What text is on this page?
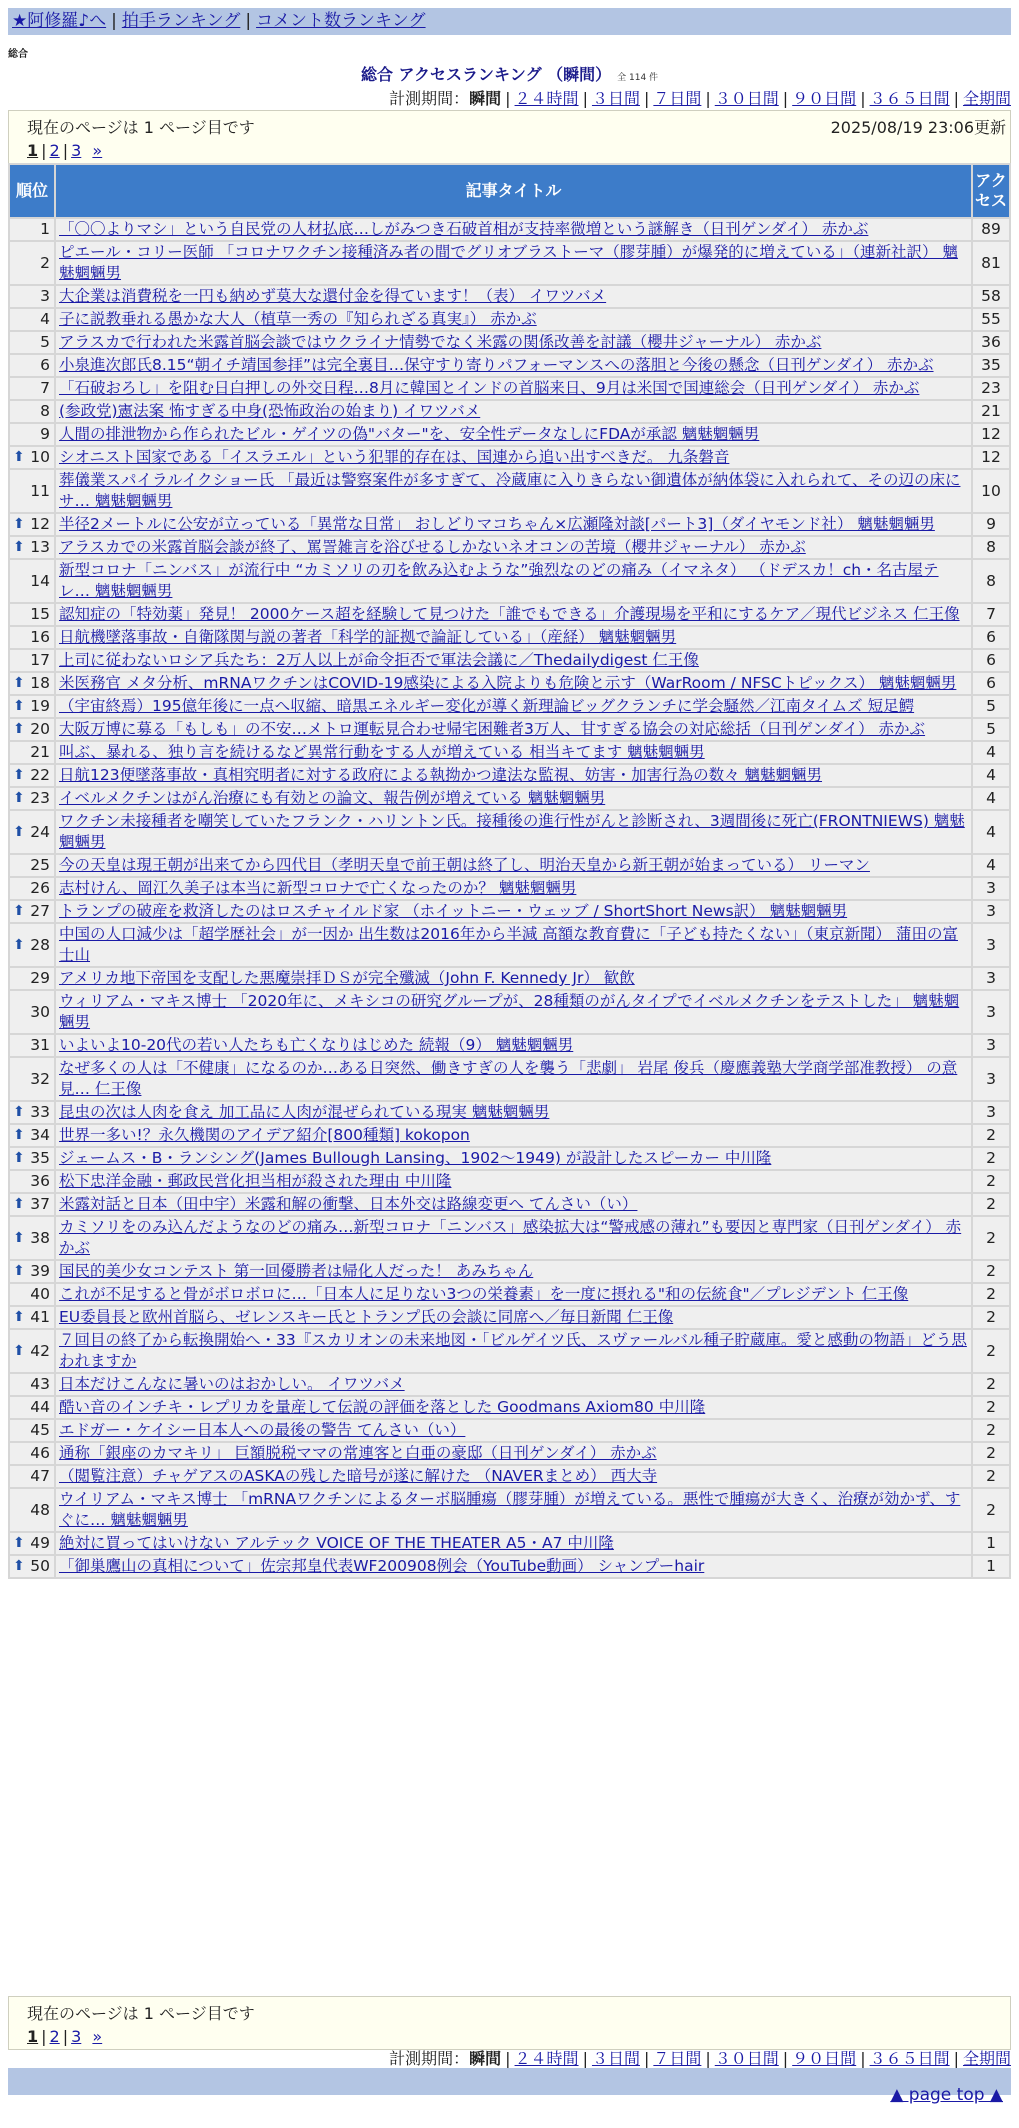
★阿修羅♪へ | 拍手ランキング | コメント数ランキング
総合
総合 アクセスランキング （瞬間） 全 114 件
計測期間：瞬間 | ２４時間 | ３日間 | ７日間 | ３０日間 | ９０日間 | ３６５日間 | 全期間
現在のページは 1 ページ目です	2025/08/19 23:06更新
1 | 2 | 3 »
順位	記事タイトル	アクセス
1	「〇〇よりマシ」という自民党の人材払底…しがみつき石破首相が支持率微増という謎解き（日刊ゲンダイ） 赤かぶ	89
2	ピエール・コリー医師 「コロナワクチン接種済み者の間でグリオブラストーマ（膠芽腫）が爆発的に増えている」（連新社訳） 魑魅魍魎男	81
3	大企業は消費税を一円も納めず莫大な還付金を得ています！（表） イワツバメ	58
4	子に説教垂れる愚かな大人（植草一秀の『知られざる真実』） 赤かぶ	55
5	アラスカで行われた米露首脳会談ではウクライナ情勢でなく米露の関係改善を討議（櫻井ジャーナル） 赤かぶ	36
6	小泉進次郎氏8.15“朝イチ靖国参拝”は完全裏目…保守すり寄りパフォーマンスへの落胆と今後の懸念（日刊ゲンダイ） 赤かぶ	35
7	「石破おろし」を阻む日白押しの外交日程…8月に韓国とインドの首脳来日、9月は米国で国連総会（日刊ゲンダイ） 赤かぶ	23
8	(参政党)憲法案 怖すぎる中身(恐怖政治の始まり) イワツバメ	21
9	人間の排泄物から作られたビル・ゲイツの偽"バター"を、安全性データなしにFDAが承認 魑魅魍魎男	12

⬆ 10	シオニスト国家である「イスラエル」という犯罪的存在は、国連から追い出すべきだ。 九条磐音	12
11	葬儀業スパイラルイクショー氏 「最近は警察案件が多すぎて、冷蔵庫に入りきらない御遺体が納体袋に入れられて、その辺の床にサ… 魑魅魍魎男	10

⬆ 12	半径2メートルに公安が立っている「異常な日常」 おしどりマコちゃん×広瀬隆対談[パート3]（ダイヤモンド社） 魑魅魍魎男	9

⬆ 13	アラスカでの米露首脳会談が終了、罵詈雑言を浴びせるしかないネオコンの苦境（櫻井ジャーナル） 赤かぶ	8
14	新型コロナ「ニンバス」が流行中 “カミソリの刃を飲み込むような”強烈なのどの痛み（イマネタ） （ドデスカ！ch・名古屋テレ… 魑魅魍魎男	8
15	認知症の「特効薬」発見！ 2000ケース超を経験して見つけた「誰でもできる」介護現場を平和にするケア／現代ビジネス 仁王像	7
16	日航機墜落事故・自衛隊関与説の著者「科学的証拠で論証している」（産経） 魑魅魍魎男	6
17	上司に従わないロシア兵たち：2万人以上が命令拒否で軍法会議に／Thedailydigest 仁王像	6

⬆ 18	米医務官 メタ分析、mRNAワクチンはCOVID-19感染による入院よりも危険と示す（WarRoom / NFSCトピックス） 魑魅魍魎男	6

⬆ 19	（宇宙終焉）195億年後に一点へ収縮、暗黒エネルギー変化が導く新理論ビッグクランチに学会騒然／江南タイムズ 短足鰐	5

⬆ 20	大阪万博に募る「もしも」の不安…メトロ運転見合わせ帰宅困難者3万人、甘すぎる協会の対応総括（日刊ゲンダイ） 赤かぶ	5
21	叫ぶ、暴れる、独り言を続けるなど異常行動をする人が増えている 相当キてます 魑魅魍魎男	4

⬆ 22	日航123便墜落事故・真相究明者に対する政府による執拗かつ違法な監視、妨害・加害行為の数々 魑魅魍魎男	4

⬆ 23	イベルメクチンはがん治療にも有効との論文、報告例が増えている 魑魅魍魎男	4

⬆ 24	ワクチン未接種者を嘲笑していたフランク・ハリントン氏。接種後の進行性がんと診断され、3週間後に死亡(FRONTNIEWS) 魑魅魍魎男	4
25	今の天皇は現王朝が出来てから四代目（孝明天皇で前王朝は終了し、明治天皇から新王朝が始まっている） リーマン	4
26	志村けん、岡江久美子は本当に新型コロナで亡くなったのか？ 魑魅魍魎男	3

⬆ 27	トランプの破産を救済したのはロスチャイルド家 （ホイットニー・ウェッブ / ShortShort News訳） 魑魅魍魎男	3

⬆ 28	中国の人口減少は「超学歴社会」が一因か 出生数は2016年から半減 高額な教育費に「子ども持たくない」（東京新聞） 蒲田の富士山	3
29	アメリカ地下帝国を支配した悪魔崇拝ＤＳが完全殲滅（John F. Kennedy Jr） 歓飲	3
30	ウィリアム・マキス博士 「2020年に、メキシコの研究グループが、28種類のがんタイプでイベルメクチンをテストした」 魑魅魍魎男	3
31	いよいよ10-20代の若い人たちも亡くなりはじめた 続報（9） 魑魅魍魎男	3
32	なぜ多くの人は「不健康」になるのか…ある日突然、働きすぎの人を襲う「悲劇」 岩尾 俊兵（慶應義塾大学商学部准教授） の意見… 仁王像	3

⬆ 33	昆虫の次は人肉を食え 加工品に人肉が混ぜられている現実 魑魅魍魎男	3

⬆ 34	世界一多い!？永久機関のアイデア紹介[800種類] kokopon	2

⬆ 35	ジェームス・B・ランシング(James Bullough Lansing、1902～1949) が設計したスピーカー 中川隆	2
36	松下忠洋金融・郵政民営化担当相が殺された理由 中川隆	2

⬆ 37	米露対話と日本（田中宇）米露和解の衝撃、日本外交は路線変更へ てんさい（い）	2

⬆ 38	カミソリをのみ込んだようなのどの痛み…新型コロナ「ニンバス」感染拡大は“警戒感の薄れ”も要因と専門家（日刊ゲンダイ） 赤かぶ	2

⬆ 39	国民的美少女コンテスト 第一回優勝者は帰化人だった！ あみちゃん	2
40	これが不足すると骨がボロボロに…「日本人に足りない3つの栄養素」を一度に摂れる"和の伝統食"／プレジデント 仁王像	2

⬆ 41	EU委員長と欧州首脳ら、ゼレンスキー氏とトランプ氏の会談に同席へ／毎日新聞 仁王像	2

⬆ 42	７回目の終了から転換開始へ・33『スカリオンの未来地図・「ビルゲイツ氏、スヴァールバル種子貯蔵庫。愛と感動の物語」どう思われますか	2
43	日本だけこんなに暑いのはおかしい。 イワツバメ	2
44	酷い音のインチキ・レプリカを量産して伝説の評価を落とした Goodmans Axiom80 中川隆	2
45	エドガー・ケイシー日本人への最後の警告 てんさい（い）	2
46	通称「銀座のカマキリ」 巨額脱税ママの常連客と白亜の豪邸（日刊ゲンダイ） 赤かぶ	2
47	（閲覧注意）チャゲアスのASKAの残した暗号が遂に解けた （NAVERまとめ） 西大寺	2
48	ウイリアム・マキス博士 「mRNAワクチンによるターボ脳腫瘍（膠芽腫）が増えている。悪性で腫瘍が大きく、治療が効かず、すぐに… 魑魅魍魎男	2

⬆ 49	絶対に買ってはいけない アルテック VOICE OF THE THEATER A5・A7 中川隆	1

⬆ 50	「御巣鷹山の真相について」佐宗邦皇代表WF200908例会（YouTube動画） シャンプーhair	1
現在のページは 1 ページ目です
1 | 2 | 3 »
計測期間：瞬間 | ２４時間 | ３日間 | ７日間 | ３０日間 | ９０日間 | ３６５日間 | 全期間
▲ page top ▲
